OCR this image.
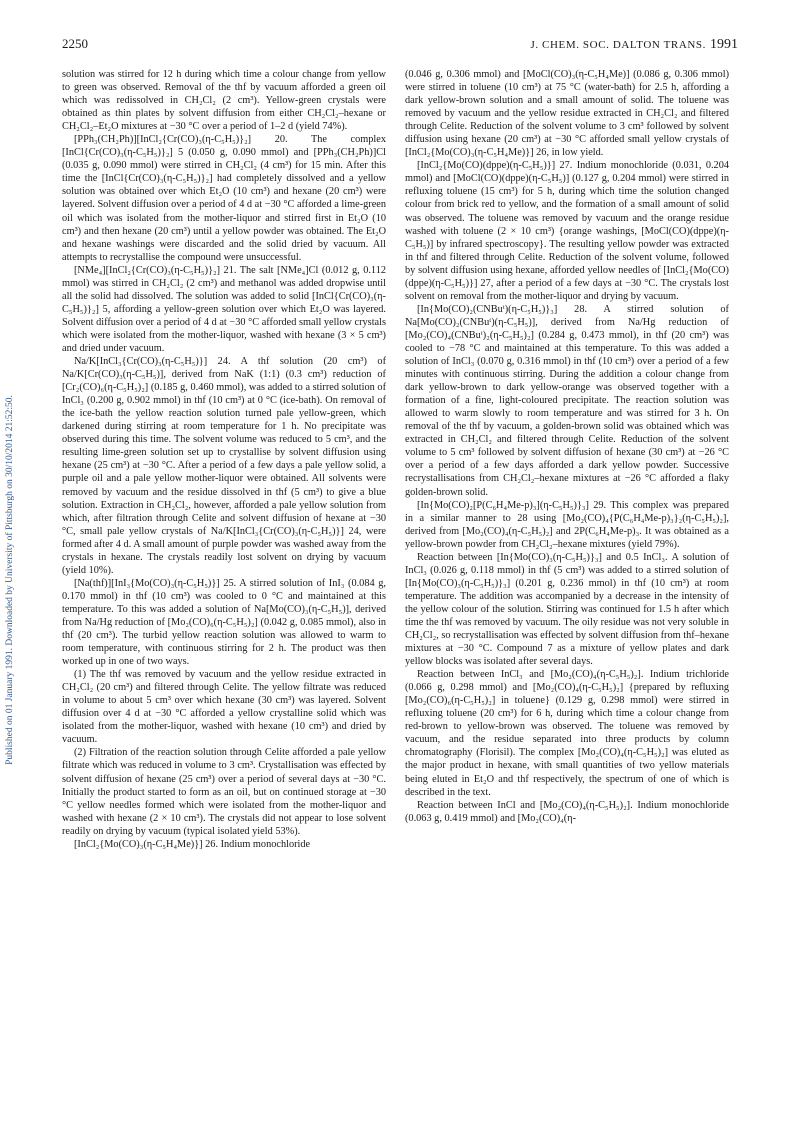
2250	J. CHEM. SOC. DALTON TRANS. 1991
Published on 01 January 1991. Downloaded by University of Pittsburgh on 30/10/2014 21:52:50.

solution was stirred for 12 h during which time a colour change from yellow to green was observed. Removal of the thf by vacuum afforded a green oil which was redissolved in CH₂Cl₂ (2 cm³). Yellow-green crystals were obtained as thin plates by solvent diffusion from either CH₂Cl₂–hexane or CH₂Cl₂–Et₂O mixtures at −30 °C over a period of 1–2 d (yield 74%).

[PPh₃(CH₂Ph)][InCl₂{Cr(CO)₃(η-C₅H₅)}₂] 20. The complex [InCl{Cr(CO)₃(η-C₅H₅)}₂] 5 (0.050 g, 0.090 mmol) and [PPh₃(CH₂Ph)]Cl (0.035 g, 0.090 mmol) were stirred in CH₂Cl₂ (4 cm³) for 15 min. After this time the [InCl{Cr(CO)₃(η-C₅H₅)}₂] had completely dissolved and a yellow solution was obtained over which Et₂O (10 cm³) and hexane (20 cm³) were layered. Solvent diffusion over a period of 4 d at −30 °C afforded a lime-green oil which was isolated from the mother-liquor and stirred first in Et₂O (10 cm³) and then hexane (20 cm³) until a yellow powder was obtained. The Et₂O and hexane washings were discarded and the solid dried by vacuum. All attempts to recrystallise the compound were unsuccessful.

[NMe₄][InCl₂{Cr(CO)₃(η-C₅H₅)}₂] 21. The salt [NMe₄]Cl (0.012 g, 0.112 mmol) was stirred in CH₂Cl₂ (2 cm³) and methanol was added dropwise until all the solid had dissolved. The solution was added to solid [InCl{Cr(CO)₃(η-C₅H₅)}₂] 5, affording a yellow-green solution over which Et₂O was layered. Solvent diffusion over a period of 4 d at −30 °C afforded small yellow crystals which were isolated from the mother-liquor, washed with hexane (3 × 5 cm³) and dried under vacuum.

Na/K[InCl₃{Cr(CO)₃(η-C₅H₅)}] 24. A thf solution (20 cm³) of Na/K[Cr(CO)₃(η-C₅H₅)], derived from NaK (1:1) (0.3 cm³) reduction of [Cr₂(CO)₆(η-C₅H₅)₂] (0.185 g, 0.460 mmol), was added to a stirred solution of InCl₃ (0.200 g, 0.902 mmol) in thf (10 cm³) at 0 °C (ice-bath). On removal of the ice-bath the yellow reaction solution turned pale yellow-green, which darkened during stirring at room temperature for 1 h. No precipitate was observed during this time. The solvent volume was reduced to 5 cm³, and the resulting lime-green solution set up to crystallise by solvent diffusion using hexane (25 cm³) at −30 °C. After a period of a few days a pale yellow solid, a purple oil and a pale yellow mother-liquor were obtained. All solvents were removed by vacuum and the residue dissolved in thf (5 cm³) to give a blue solution. Extraction in CH₂Cl₂, however, afforded a pale yellow solution from which, after filtration through Celite and solvent diffusion of hexane at −30 °C, small pale yellow crystals of Na/K[InCl₃{Cr(CO)₃(η-C₅H₅)}] 24, were formed after 4 d. A small amount of purple powder was washed away from the crystals in hexane. The crystals readily lost solvent on drying by vacuum (yield 10%).

[Na(thf)][InI₃{Mo(CO)₃(η-C₅H₅)}] 25. A stirred solution of InI₃ (0.084 g, 0.170 mmol) in thf (10 cm³) was cooled to 0 °C and maintained at this temperature. To this was added a solution of Na[Mo(CO)₃(η-C₅H₅)], derived from Na/Hg reduction of [Mo₂(CO)₆(η-C₅H₅)₂] (0.042 g, 0.085 mmol), also in thf (20 cm³). The turbid yellow reaction solution was allowed to warm to room temperature, with continuous stirring for 2 h. The product was then worked up in one of two ways.

(1) The thf was removed by vacuum and the yellow residue extracted in CH₂Cl₂ (20 cm³) and filtered through Celite. The yellow filtrate was reduced in volume to about 5 cm³ over which hexane (30 cm³) was layered. Solvent diffusion over 4 d at −30 °C afforded a yellow crystalline solid which was isolated from the mother-liquor, washed with hexane (10 cm³) and dried by vacuum.

(2) Filtration of the reaction solution through Celite afforded a pale yellow filtrate which was reduced in volume to 3 cm³. Crystallisation was effected by solvent diffusion of hexane (25 cm³) over a period of several days at −30 °C. Initially the product started to form as an oil, but on continued storage at −30 °C yellow needles formed which were isolated from the mother-liquor and washed with hexane (2 × 10 cm³). The crystals did not appear to lose solvent readily on drying by vacuum (typical isolated yield 53%).

[InCl₂{Mo(CO)₃(η-C₅H₄Me)}] 26. Indium monochloride

(0.046 g, 0.306 mmol) and [MoCl(CO)₃(η-C₅H₄Me)] (0.086 g, 0.306 mmol) were stirred in toluene (10 cm³) at 75 °C (water-bath) for 2.5 h, affording a dark yellow-brown solution and a small amount of solid. The toluene was removed by vacuum and the yellow residue extracted in CH₂Cl₂ and filtered through Celite. Reduction of the solvent volume to 3 cm³ followed by solvent diffusion using hexane (20 cm³) at −30 °C afforded small yellow crystals of [InCl₂{Mo(CO)₃(η-C₅H₄Me)}] 26, in low yield.

[InCl₂{Mo(CO)(dppe)(η-C₅H₅)}] 27. Indium monochloride (0.031, 0.204 mmol) and [MoCl(CO)(dppe)(η-C₅H₅)] (0.127 g, 0.204 mmol) were stirred in refluxing toluene (15 cm³) for 5 h, during which time the solution changed colour from brick red to yellow, and the formation of a small amount of solid was observed. The toluene was removed by vacuum and the orange residue washed with toluene (2 × 10 cm³) {orange washings, [MoCl(CO)(dppe)(η-C₅H₅)] by infrared spectroscopy}. The resulting yellow powder was extracted in thf and filtered through Celite. Reduction of the solvent volume, followed by solvent diffusion using hexane, afforded yellow needles of [InCl₂{Mo(CO)(dppe)(η-C₅H₅)}] 27, after a period of a few days at −30 °C. The crystals lost solvent on removal from the mother-liquor and drying by vacuum.

[In{Mo(CO)₂(CNBuᵗ)(η-C₅H₅)}₃] 28. A stirred solution of Na[Mo(CO)₂(CNBuᵗ)(η-C₅H₅)], derived from Na/Hg reduction of [Mo₂(CO)₄(CNBuᵗ)₂(η-C₅H₅)₂] (0.284 g, 0.473 mmol), in thf (20 cm³) was cooled to −78 °C and maintained at this temperature. To this was added a solution of InCl₃ (0.070 g, 0.316 mmol) in thf (10 cm³) over a period of a few minutes with continuous stirring. During the addition a colour change from dark yellow-brown to dark yellow-orange was observed together with a formation of a fine, light-coloured precipitate. The reaction solution was allowed to warm slowly to room temperature and was stirred for 3 h. On removal of the thf by vacuum, a golden-brown solid was obtained which was extracted in CH₂Cl₂ and filtered through Celite. Reduction of the solvent volume to 5 cm³ followed by solvent diffusion of hexane (30 cm³) at −26 °C over a period of a few days afforded a dark yellow powder. Successive recrystallisations from CH₂Cl₂–hexane mixtures at −26 °C afforded a flaky golden-brown solid.

[In{Mo(CO)₂[P(C₆H₄Me-p)₃](η-C₅H₅)}₃] 29. This complex was prepared in a similar manner to 28 using [Mo₂(CO)₄{P(C₆H₄Me-p)₃}₂(η-C₅H₅)₂], derived from [Mo₂(CO)₄(η-C₅H₅)₂] and 2P(C₆H₄Me-p)₃. It was obtained as a yellow-brown powder from CH₂Cl₂–hexane mixtures (yield 79%).

Reaction between [In{Mo(CO)₃(η-C₅H₅)}₃] and 0.5 InCl₃. A solution of InCl₃ (0.026 g, 0.118 mmol) in thf (5 cm³) was added to a stirred solution of [In{Mo(CO)₃(η-C₅H₅)}₃] (0.201 g, 0.236 mmol) in thf (10 cm³) at room temperature. The addition was accompanied by a decrease in the intensity of the yellow colour of the solution. Stirring was continued for 1.5 h after which time the thf was removed by vacuum. The oily residue was not very soluble in CH₂Cl₂, so recrystallisation was effected by solvent diffusion from thf–hexane mixtures at −30 °C. Compound 7 as a mixture of yellow plates and dark yellow blocks was isolated after several days.

Reaction between InCl₃ and [Mo₂(CO)₄(η-C₅H₅)₂]. Indium trichloride (0.066 g, 0.298 mmol) and [Mo₂(CO)₄(η-C₅H₅)₂] {prepared by refluxing [Mo₂(CO)₆(η-C₅H₅)₂] in toluene} (0.129 g, 0.298 mmol) were stirred in refluxing toluene (20 cm³) for 6 h, during which time a colour change from red-brown to yellow-brown was observed. The toluene was removed by vacuum, and the residue separated into three products by column chromatography (Florisil). The complex [Mo₂(CO)₄(η-C₅H₅)₂] was eluted as the major product in hexane, with small quantities of two yellow materials being eluted in Et₂O and thf respectively, the spectrum of one of which is described in the text.

Reaction between InCl and [Mo₂(CO)₄(η-C₅H₅)₂]. Indium monochloride (0.063 g, 0.419 mmol) and [Mo₂(CO)₄(η-
